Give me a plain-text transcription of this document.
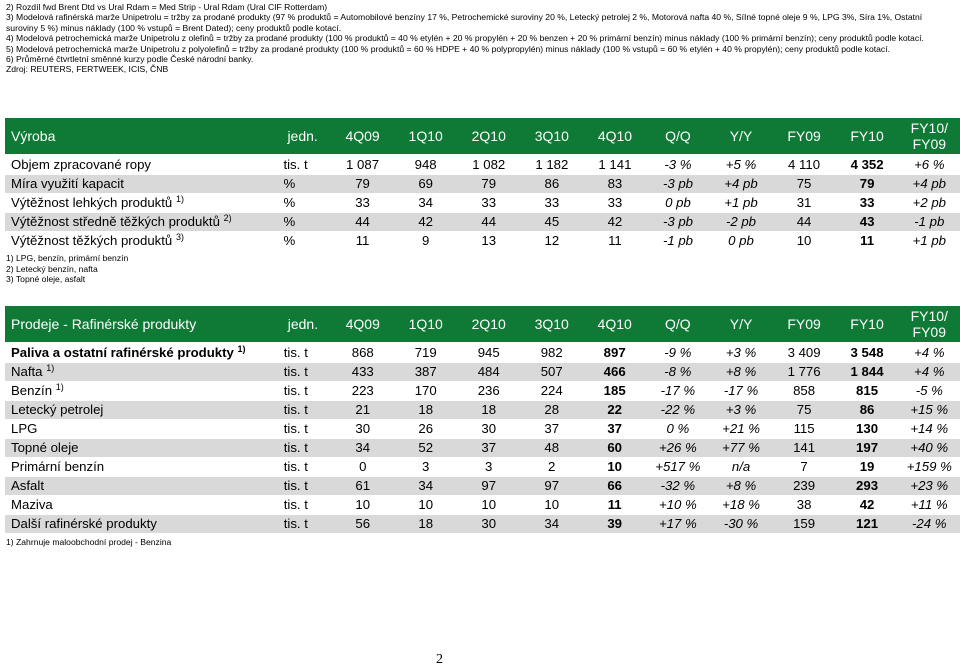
2) Rozdíl fwd Brent Dtd vs Ural Rdam = Med Strip - Ural Rdam (Ural CIF Rotterdam)

3) Modelová rafinérská marže Unipetrolu = tržby za prodané produkty (97 % produktů = Automobilové benzíny 17 %, Petrochemické suroviny 20 %, Letecký petrolej 2 %, Motorová nafta 40 %, SíIné topné oleje 9 %, LPG 3%, Síra 1%, Ostatní suroviny 5 %) minus náklady (100 % vstupů = Brent Dated); ceny produktů podle kotací.

4) Modelová petrochemická marže Unipetrolu z olefinů = tržby za prodané produkty (100 % produktů = 40 % etylén + 20 % propylén + 20 % benzen + 20 % primární benzín) minus náklady (100 % primární benzín); ceny produktů podle kotací.

5) Modelová petrochemická marže Unipetrolu z polyolefinů = tržby za prodané produkty (100 % produktů = 60 % HDPE + 40 % polypropylén) minus náklady (100 % vstupů = 60 % etylén + 40 % propylén); ceny produktů podle kotací.

6) Průměrné čtvrtletní směnné kurzy podle České národní banky.

Zdroj: REUTERS, FERTWEEK, ICIS, ČNB

Výroba	jedn.	4Q09	1Q10	2Q10	3Q10	4Q10	Q/Q	Y/Y	FY09	FY10	FY10/ FY09
Objem zpracované ropy	tis. t	1 087	948	1 082	1 182	1 141	-3 %	+5 %	4 110	4 352	+6 %
Míra využití kapacit	%	79	69	79	86	83	-3 pb	+4 pb	75	79	+4 pb
Výtěžnost lehkých produktů $^{1)}$	%	33	34	33	33	33	0 pb	+1 pb	31	33	+2 pb
Výtěžnost středně těžkých produktů $^{2)}$	%	44	42	44	45	42	-3 pb	-2 pb	44	43	-1 pb
Výtěžnost těžkých produktů $^{3)}$	%	11	9	13	12	11	-1 pb	0 pb	10	11	+1 pb

1) LPG, benzín, primární benzín

2) Letecký benzín, nafta

3) Topné oleje, asfalt

Prodeje - Rafinérské produkty	jedn.	4Q09	1Q10	2Q10	3Q10	4Q10	Q/Q	Y/Y	FY09	FY10	FY10/ FY09
Paliva a ostatní rafinérské produkty $^{1)}$	tis. t	868	719	945	982	897	-9 %	+3 %	3 409	3 548	+4 %
Nafta $^{1)}$	tis. t	433	387	484	507	466	-8 %	+8 %	1 776	1 844	+4 %
Benzín $^{1)}$	tis. t	223	170	236	224	185	-17 %	-17 %	858	815	-5 %
Letecký petrolej	tis. t	21	18	18	28	22	-22 %	+3 %	75	86	+15 %
LPG	tis. t	30	26	30	37	37	0 %	+21 %	115	130	+14 %
Topné oleje	tis. t	34	52	37	48	60	+26 %	+77 %	141	197	+40 %
Primární benzín	tis. t	0	3	3	2	10	+517 %	n/a	7	19	+159 %
Asfalt	tis. t	61	34	97	97	66	-32 %	+8 %	239	293	+23 %
Maziva	tis. t	10	10	10	10	11	+10 %	+18 %	38	42	+11 %
Další rafinérské produkty	tis. t	56	18	30	34	39	+17 %	-30 %	159	121	-24 %

1) Zahrnuje maloobchodní prodej - Benzina

2
